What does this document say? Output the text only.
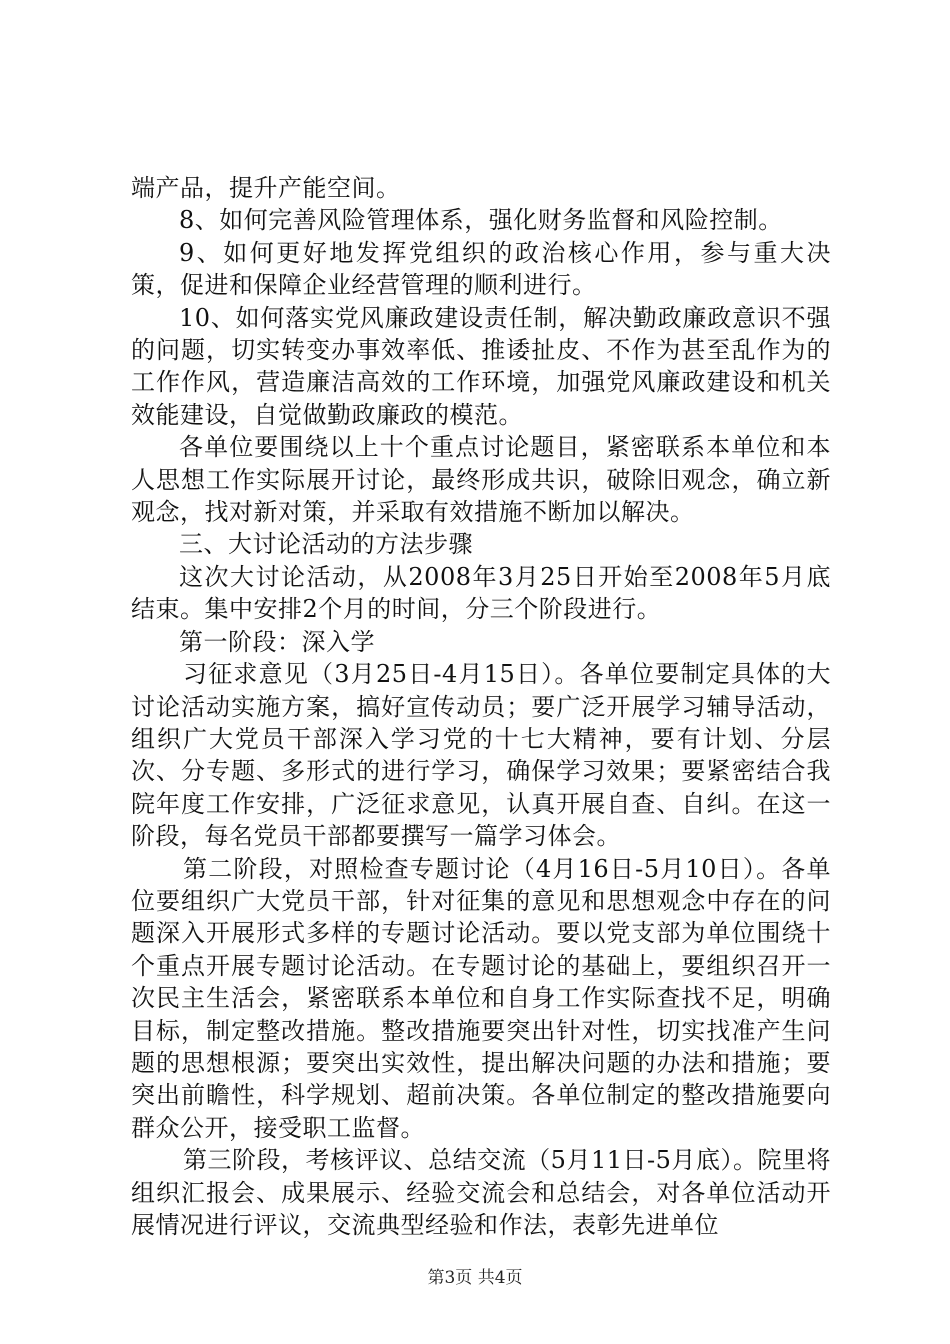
端产品，提升产能空间。

8、如何完善风险管理体系，强化财务监督和风险控制。

9、如何更好地发挥党组织的政治核心作用，参与重大决策，促进和保障企业经营管理的顺利进行。

10、如何落实党风廉政建设责任制，解决勤政廉政意识不强的问题，切实转变办事效率低、推诿扯皮、不作为甚至乱作为的工作作风，营造廉洁高效的工作环境，加强党风廉政建设和机关效能建设，自觉做勤政廉政的模范。

各单位要围绕以上十个重点讨论题目，紧密联系本单位和本人思想工作实际展开讨论，最终形成共识，破除旧观念，确立新观念，找对新对策，并采取有效措施不断加以解决。

三、大讨论活动的方法步骤

这次大讨论活动，从2008年3月25日开始至2008年5月底结束。集中安排2个月的时间，分三个阶段进行。

第一阶段：深入学

习征求意见（3月25日-4月15日）。各单位要制定具体的大讨论活动实施方案，搞好宣传动员；要广泛开展学习辅导活动，组织广大党员干部深入学习党的十七大精神，要有计划、分层次、分专题、多形式的进行学习，确保学习效果；要紧密结合我院年度工作安排，广泛征求意见，认真开展自查、自纠。在这一阶段，每名党员干部都要撰写一篇学习体会。

第二阶段，对照检查专题讨论（4月16日-5月10日）。各单位要组织广大党员干部，针对征集的意见和思想观念中存在的问题深入开展形式多样的专题讨论活动。要以党支部为单位围绕十个重点开展专题讨论活动。在专题讨论的基础上，要组织召开一次民主生活会，紧密联系本单位和自身工作实际查找不足，明确目标，制定整改措施。整改措施要突出针对性，切实找准产生问题的思想根源；要突出实效性，提出解决问题的办法和措施；要突出前瞻性，科学规划、超前决策。各单位制定的整改措施要向群众公开，接受职工监督。

第三阶段，考核评议、总结交流（5月11日-5月底）。院里将组织汇报会、成果展示、经验交流会和总结会，对各单位活动开展情况进行评议，交流典型经验和作法，表彰先进单位

第3页 共4页
